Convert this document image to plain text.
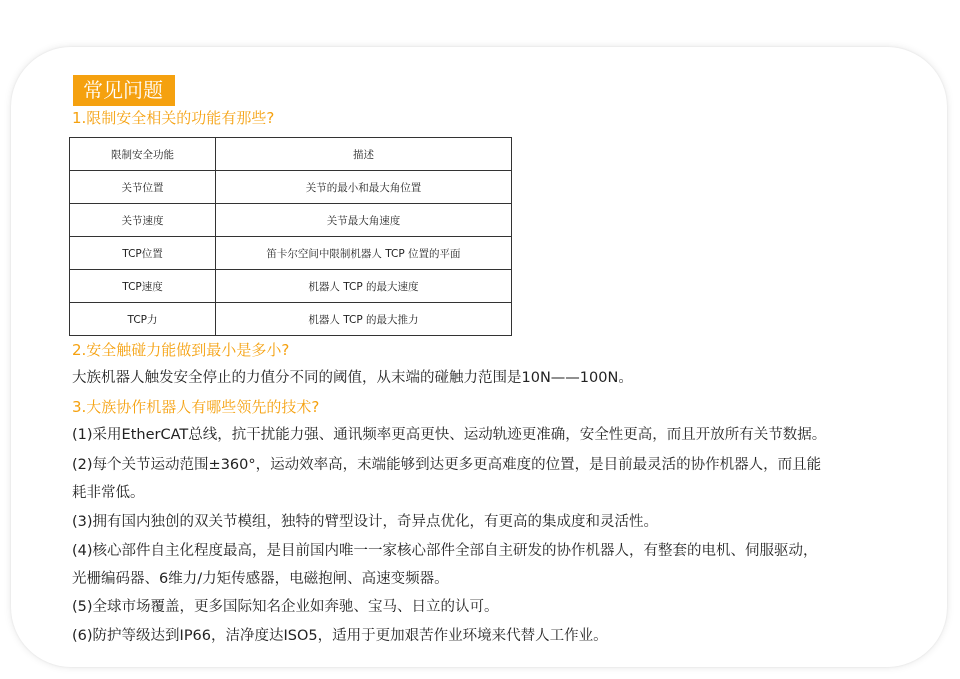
常见问题
1.限制安全相关的功能有那些?
限制安全功能	描述
关节位置	关节的最小和最大角位置
关节速度	关节最大角速度
TCP位置	笛卡尔空间中限制机器人 TCP 位置的平面
TCP速度	机器人 TCP 的最大速度
TCP力	机器人 TCP 的最大推力
2.安全触碰力能做到最小是多小?
大族机器人触发安全停止的力值分不同的阈值，从末端的碰触力范围是10N——100N。
3.大族协作机器人有哪些领先的技术?
(1)采用EtherCAT总线，抗干扰能力强、通讯频率更高更快、运动轨迹更准确，安全性更高，而且开放所有关节数据。
(2)每个关节运动范围±360°，运动效率高，末端能够到达更多更高难度的位置，是目前最灵活的协作机器人，而且能
耗非常低。
(3)拥有国内独创的双关节模组，独特的臂型设计，奇异点优化，有更高的集成度和灵活性。
(4)核心部件自主化程度最高，是目前国内唯一一家核心部件全部自主研发的协作机器人，有整套的电机、伺服驱动，
光栅编码器、6维力/力矩传感器，电磁抱闸、高速变频器。
(5)全球市场覆盖，更多国际知名企业如奔驰、宝马、日立的认可。
(6)防护等级达到IP66，洁净度达ISO5，适用于更加艰苦作业环境来代替人工作业。
